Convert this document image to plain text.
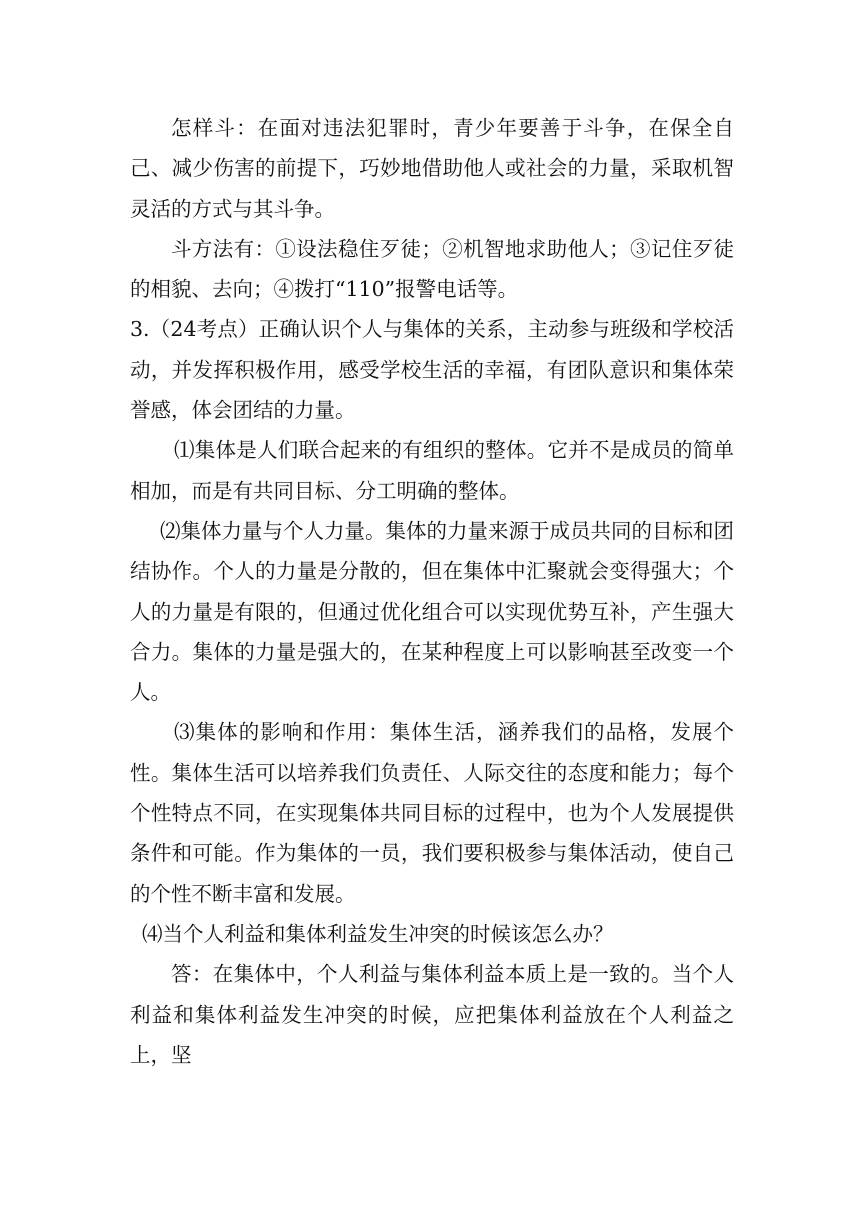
怎样斗：在面对违法犯罪时，青少年要善于斗争，在保全自己、减少伤害的前提下，巧妙地借助他人或社会的力量，采取机智灵活的方式与其斗争。

斗方法有：①设法稳住歹徒；②机智地求助他人；③记住歹徒的相貌、去向；④拨打“110”报警电话等。

3.（24考点）正确认识个人与集体的关系，主动参与班级和学校活动，并发挥积极作用，感受学校生活的幸福，有团队意识和集体荣誉感，体会团结的力量。

⑴集体是人们联合起来的有组织的整体。它并不是成员的简单相加，而是有共同目标、分工明确的整体。

⑵集体力量与个人力量。集体的力量来源于成员共同的目标和团结协作。个人的力量是分散的，但在集体中汇聚就会变得强大；个人的力量是有限的，但通过优化组合可以实现优势互补，产生强大合力。集体的力量是强大的，在某种程度上可以影响甚至改变一个人。

⑶集体的影响和作用：集体生活，涵养我们的品格，发展个性。集体生活可以培养我们负责任、人际交往的态度和能力；每个个性特点不同，在实现集体共同目标的过程中，也为个人发展提供条件和可能。作为集体的一员，我们要积极参与集体活动，使自己的个性不断丰富和发展。

⑷当个人利益和集体利益发生冲突的时候该怎么办？

答：在集体中，个人利益与集体利益本质上是一致的。当个人利益和集体利益发生冲突的时候，应把集体利益放在个人利益之上，坚
